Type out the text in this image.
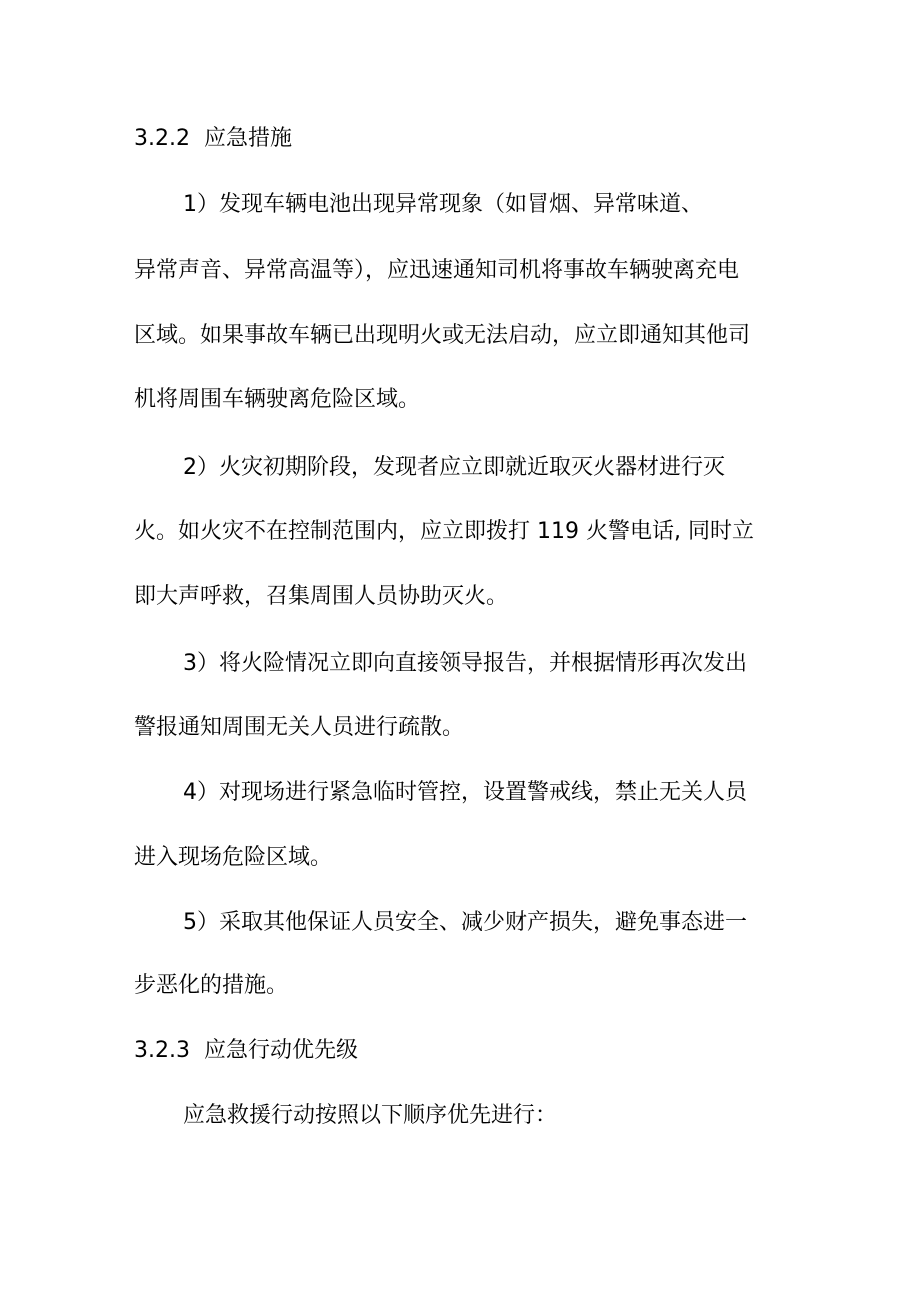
3.2.2 应急措施
1）发现车辆电池出现异常现象（如冒烟、异常味道、
异常声音、异常高温等），应迅速通知司机将事故车辆驶离充电
区域。如果事故车辆已出现明火或无法启动，应立即通知其他司
机将周围车辆驶离危险区域。
2）火灾初期阶段，发现者应立即就近取灭火器材进行灭
火。如火灾不在控制范围内，应立即拨打 119 火警电话, 同时立
即大声呼救，召集周围人员协助灭火。
3）将火险情况立即向直接领导报告，并根据情形再次发出
警报通知周围无关人员进行疏散。
4）对现场进行紧急临时管控，设置警戒线，禁止无关人员
进入现场危险区域。
5）采取其他保证人员安全、减少财产损失，避免事态进一
步恶化的措施。
3.2.3 应急行动优先级
应急救援行动按照以下顺序优先进行：
